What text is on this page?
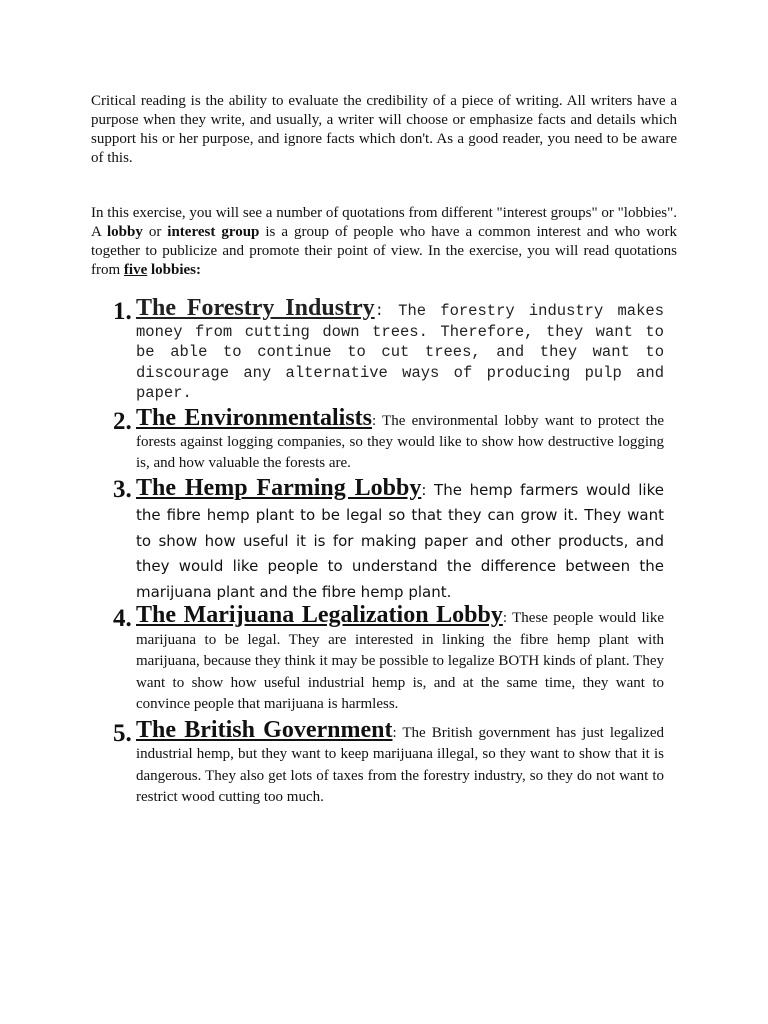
Critical reading is the ability to evaluate the credibility of a piece of writing. All writers have a purpose when they write, and usually, a writer will choose or emphasize facts and details which support his or her purpose, and ignore facts which don't. As a good reader, you need to be aware of this.

In this exercise, you will see a number of quotations from different "interest groups" or "lobbies". A lobby or interest group is a group of people who have a common interest and who work together to publicize and promote their point of view. In the exercise, you will read quotations from five lobbies:

1. The Forestry Industry: The forestry industry makes money from cutting down trees. Therefore, they want to be able to continue to cut trees, and they want to discourage any alternative ways of producing pulp and paper.

2. The Environmentalists: The environmental lobby want to protect the forests against logging companies, so they would like to show how destructive logging is, and how valuable the forests are.

3. The Hemp Farming Lobby: The hemp farmers would like the fibre hemp plant to be legal so that they can grow it. They want to show how useful it is for making paper and other products, and they would like people to understand the difference between the marijuana plant and the fibre hemp plant.

4. The Marijuana Legalization Lobby: These people would like marijuana to be legal. They are interested in linking the fibre hemp plant with marijuana, because they think it may be possible to legalize BOTH kinds of plant. They want to show how useful industrial hemp is, and at the same time, they want to convince people that marijuana is harmless.

5. The British Government: The British government has just legalized industrial hemp, but they want to keep marijuana illegal, so they want to show that it is dangerous. They also get lots of taxes from the forestry industry, so they do not want to restrict wood cutting too much.
